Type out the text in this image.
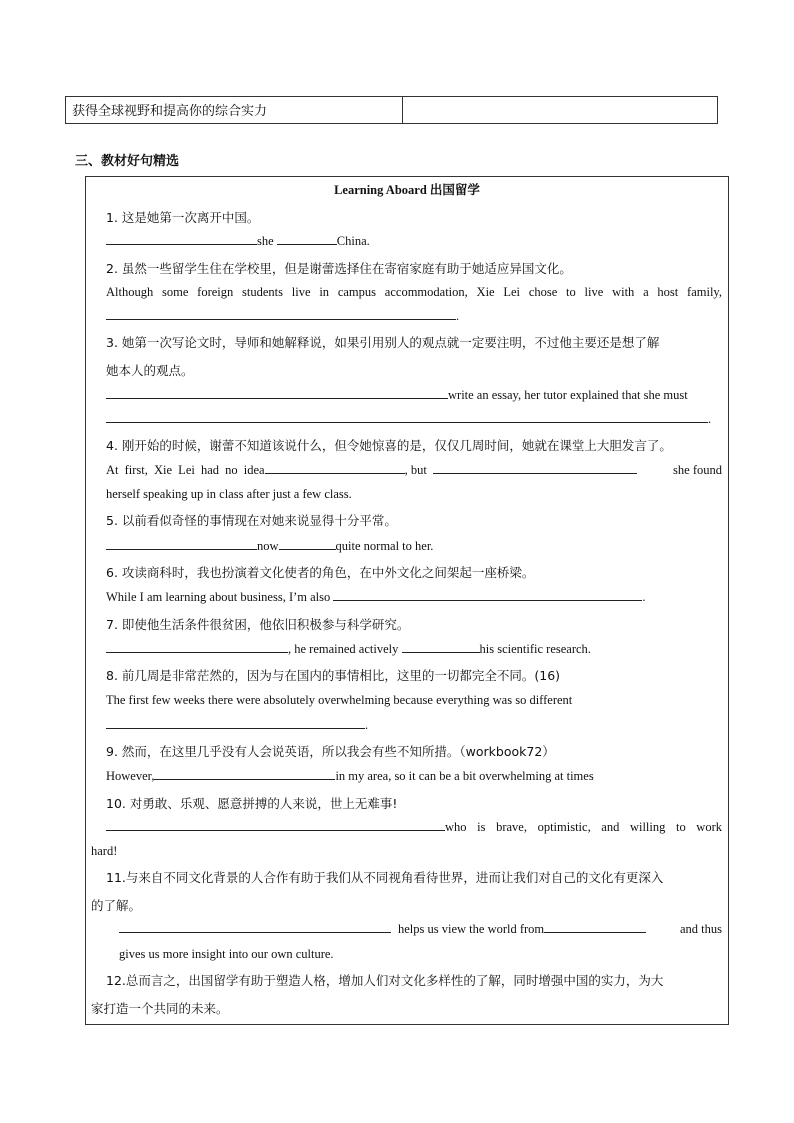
获得全球视野和提高你的综合实力
三、教材好句精选
Learning Aboard 出国留学
1. 这是她第一次离开中国。
she	China.
2. 虽然一些留学生住在学校里，但是谢蕾选择住在寄宿家庭有助于她适应异国文化。
Although some foreign students live in campus accommodation, Xie Lei chose to live with a host family,
.
3. 她第一次写论文时，导师和她解释说，如果引用别人的观点就一定要注明，不过他主要还是想了解
她本人的观点。
write an essay, her tutor explained that she must
.
4. 刚开始的时候，谢蕾不知道该说什么，但令她惊喜的是，仅仅几周时间，她就在课堂上大胆发言了。
At first, Xie Lei had no idea	, but	she found
herself speaking up in class after just a few class.
5. 以前看似奇怪的事情现在对她来说显得十分平常。
now	quite normal to her.
6. 攻读商科时，我也扮演着文化使者的角色，在中外文化之间架起一座桥梁。
While I am learning about business, I’m also	.
7. 即使他生活条件很贫困，他依旧积极参与科学研究。
, he remained actively	his scientific research.
8. 前几周是非常茫然的，因为与在国内的事情相比，这里的一切都完全不同。(16)
The first few weeks there were absolutely overwhelming because everything was so different
.
9. 然而，在这里几乎没有人会说英语，所以我会有些不知所措。（workbook72）
However,	in my area, so it can be a bit overwhelming at times
10. 对勇敢、乐观、愿意拼搏的人来说，世上无难事!
who is brave, optimistic, and willing to work
hard!
11.与来自不同文化背景的人合作有助于我们从不同视角看待世界，进而让我们对自己的文化有更深入
的了解。
helps us view the world from	and thus
gives us more insight into our own culture.
12.总而言之，出国留学有助于塑造人格，增加人们对文化多样性的了解，同时增强中国的实力，为大
家打造一个共同的未来。
